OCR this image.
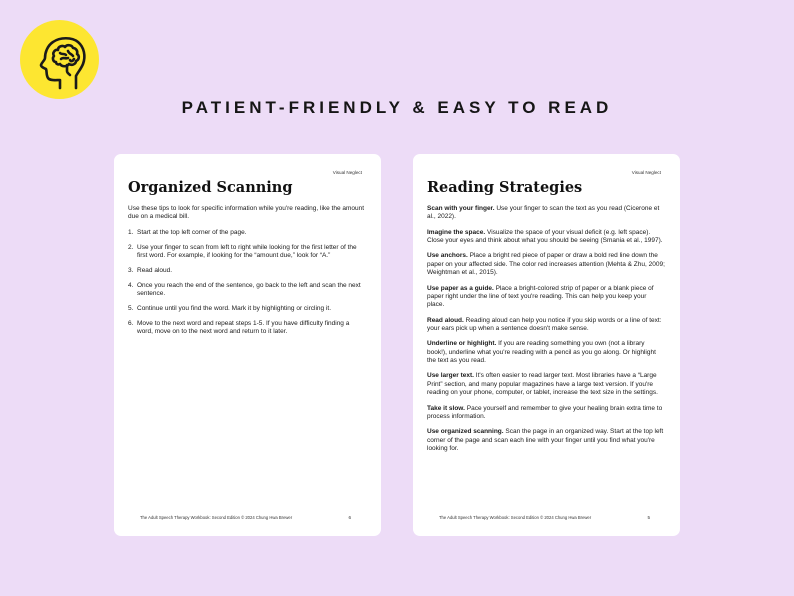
PATIENT-FRIENDLY & EASY TO READ
Visual Neglect
Organized Scanning

Use these tips to look for specific information while you're reading, like the amount due on a medical bill.

1. Start at the top left corner of the page.
2. Use your finger to scan from left to right while looking for the first letter of the first word. For example, if looking for the “amount due,” look for “A.”
3. Read aloud.
4. Once you reach the end of the sentence, go back to the left and scan the next sentence.
5. Continue until you find the word. Mark it by highlighting or circling it.
6. Move to the next word and repeat steps 1-5. If you have difficulty finding a word, move on to the next word and return to it later.
The Adult Speech Therapy Workbook: Second Edition © 2024 Chung Hwa Brewer	6
Visual Neglect
Reading Strategies

Scan with your finger. Use your finger to scan the text as you read (Cicerone et al., 2022).

Imagine the space. Visualize the space of your visual deficit (e.g. left space). Close your eyes and think about what you should be seeing (Smania et al., 1997).

Use anchors. Place a bright red piece of paper or draw a bold red line down the paper on your affected side. The color red increases attention (Mehta & Zhu, 2009; Weightman et al., 2015).

Use paper as a guide. Place a bright-colored strip of paper or a blank piece of paper right under the line of text you're reading. This can help you keep your place.

Read aloud. Reading aloud can help you notice if you skip words or a line of text: your ears pick up when a sentence doesn't make sense.

Underline or highlight. If you are reading something you own (not a library book!), underline what you're reading with a pencil as you go along. Or highlight the text as you read.

Use larger text. It's often easier to read larger text. Most libraries have a “Large Print” section, and many popular magazines have a large text version. If you're reading on your phone, computer, or tablet, increase the text size in the settings.

Take it slow. Pace yourself and remember to give your healing brain extra time to process information.

Use organized scanning. Scan the page in an organized way. Start at the top left corner of the page and scan each line with your finger until you find what you're looking for.

The Adult Speech Therapy Workbook: Second Edition © 2024 Chung Hwa Brewer	5
